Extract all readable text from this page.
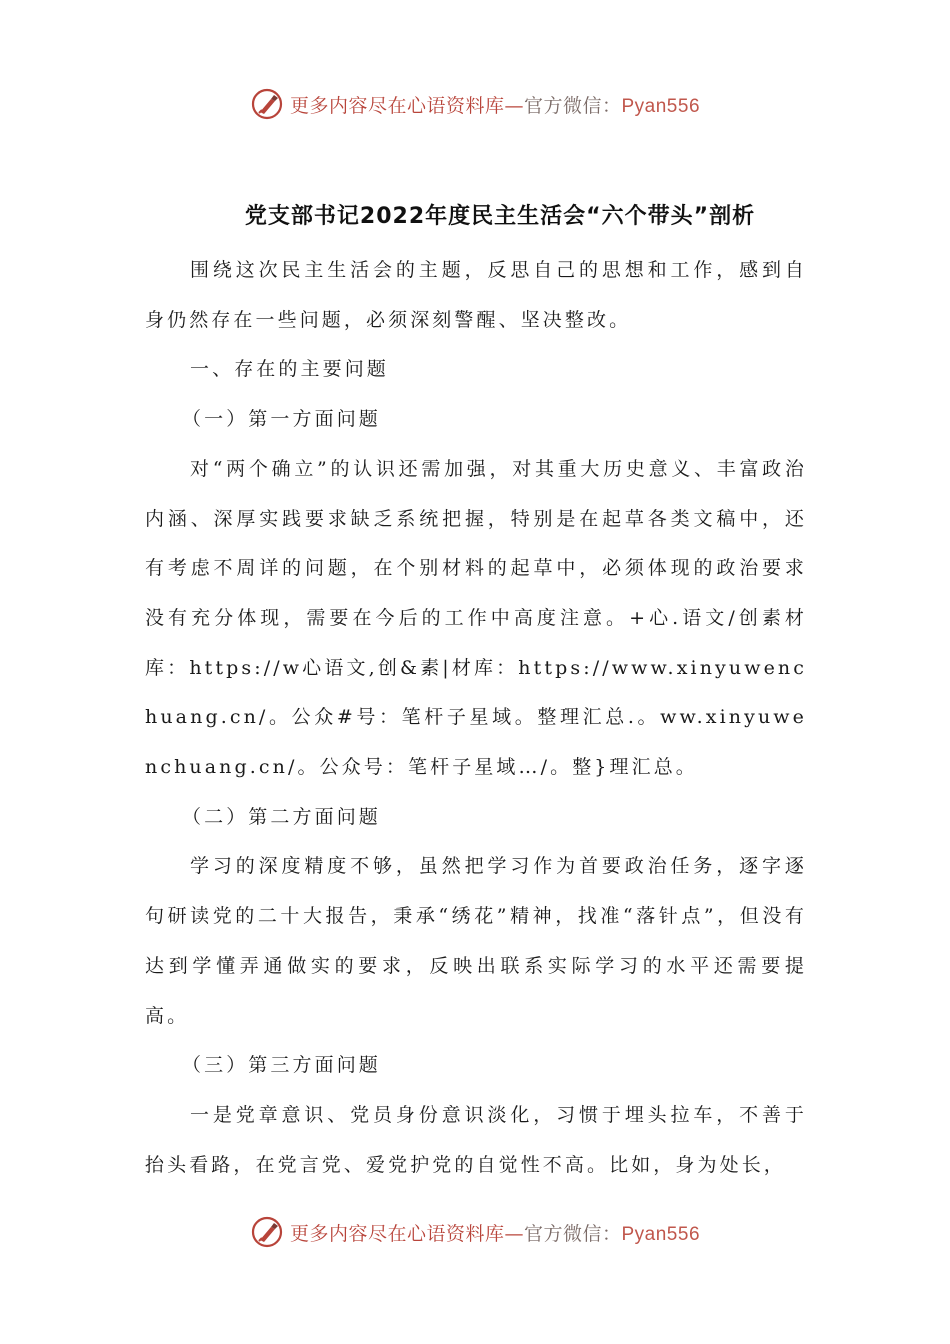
更多内容尽在心语资料库—官方微信：Pyan556
党支部书记2022年度民主生活会“六个带头”剖析

围绕这次民主生活会的主题，反思自己的思想和工作，感到自身仍然存在一些问题，必须深刻警醒、坚决整改。

一、存在的主要问题

（一）第一方面问题

对“两个确立”的认识还需加强，对其重大历史意义、丰富政治内涵、深厚实践要求缺乏系统把握，特别是在起草各类文稿中，还有考虑不周详的问题，在个别材料的起草中，必须体现的政治要求没有充分体现，需要在今后的工作中高度注意。+心.语文/创素材库：https://w心语文,创&素|材库：https://www.xinyuwenchuang.cn/。公众#号：笔杆子星域。整理汇总.。ww.xinyuwenchuang.cn/。公众号：笔杆子星域…/。整}理汇总。

（二）第二方面问题

学习的深度精度不够，虽然把学习作为首要政治任务，逐字逐句研读党的二十大报告，秉承“绣花”精神，找准“落针点”，但没有达到学懂弄通做实的要求，反映出联系实际学习的水平还需要提高。

（三）第三方面问题

一是党章意识、党员身份意识淡化，习惯于埋头拉车，不善于抬头看路，在党言党、爱党护党的自觉性不高。比如，身为处长，

更多内容尽在心语资料库—官方微信：Pyan556
